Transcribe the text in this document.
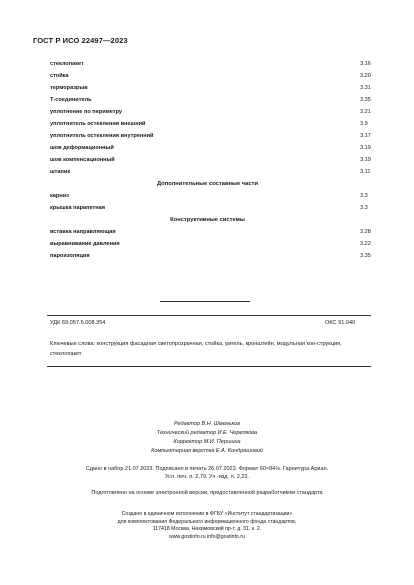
ГОСТ Р ИСО 22497—2023
стеклопакет	3.16
стойка	3.20
терморазрыв	3.31
Т-соединитель	3.35
уплотнение по периметру	3.21
уплотнитель остекления внешний	3.9
уплотнитель остекления внутренний	3.17
шов деформационный	3.19
шов компенсационный	3.19
штапик	3.11
Дополнительные составные части
карниз	3.3
крышка парапетная	3.3
Конструктивные системы
вставка направляющая	3.28
выравнивание давления	3.22
пароизоляция	3.35
УДК 69.057.5.008.354	ОКС 91.040
Ключевые слова: конструкция фасадная светопрозрачная, стойка, ригель, кронштейн, модульная кон-струкция, стеклопакет
Редактор В.Н. Шмельков
Технический редактор И.Е. Черепкова
Корректор М.И. Першина
Компьютерная верстка Е.А. Кондрашовой
Сдано в набор 21.07.2023. Подписано в печать 26.07.2023. Формат 60×84⅛. Гарнитура Ариал.
Усл. печ. л. 2,79. Уч.-изд. л. 2,23.
Подготовлено на основе электронной версии, предоставленной разработчиком стандарта
Создано в единичном исполнении в ФГБУ «Институт стандартизации»
для комплектования Федерального информационного фонда стандартов,
117418 Москва, Нахимовский пр-т, д. 31, к. 2.
www.gostinfo.ru info@gostinfo.ru
